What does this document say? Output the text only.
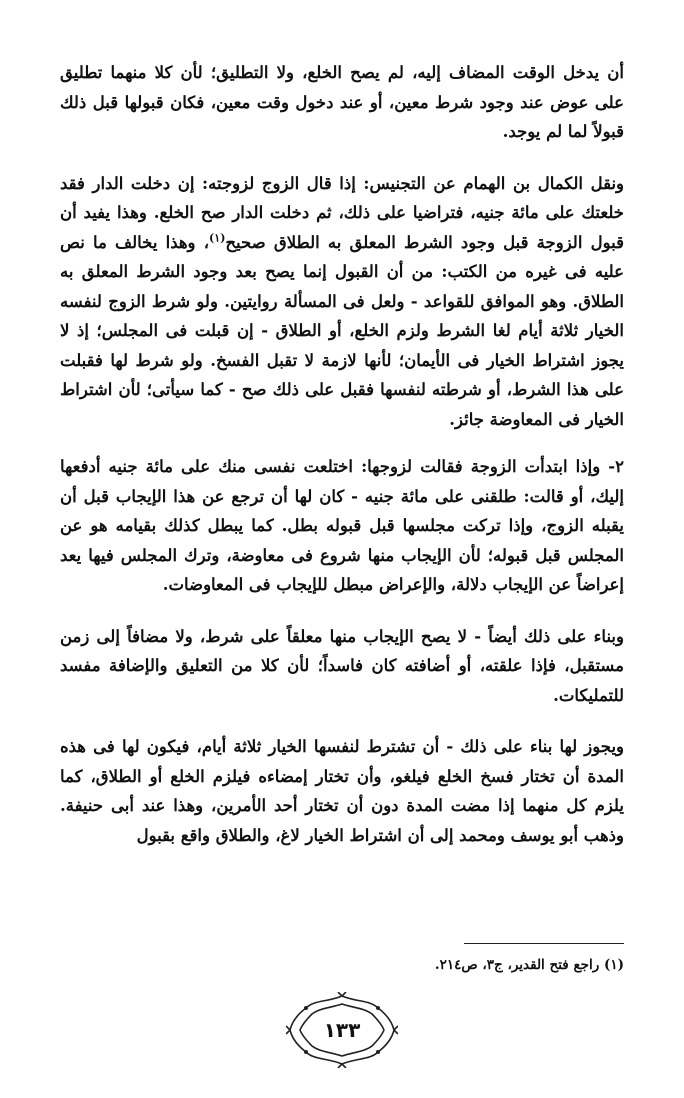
أن يدخل الوقت المضاف إليه، لم يصح الخلع، ولا التطليق؛ لأن كلا منهما تطليق على عوض عند وجود شرط معين، أو عند دخول وقت معين، فكان قبولها قبل ذلك قبولاً لما لم يوجد.

ونقل الكمال بن الهمام عن التجنيس: إذا قال الزوج لزوجته: إن دخلت الدار فقد خلعتك على مائة جنيه، فتراضيا على ذلك، ثم دخلت الدار صح الخلع. وهذا يفيد أن قبول الزوجة قبل وجود الشرط المعلق به الطلاق صحيح$^{(١)}$، وهذا يخالف ما نص عليه فى غيره من الكتب: من أن القبول إنما يصح بعد وجود الشرط المعلق به الطلاق. وهو الموافق للقواعد - ولعل فى المسألة روايتين. ولو شرط الزوج لنفسه الخيار ثلاثة أيام لغا الشرط ولزم الخلع، أو الطلاق - إن قبلت فى المجلس؛ إذ لا يجوز اشتراط الخيار فى الأيمان؛ لأنها لازمة لا تقبل الفسخ. ولو شرط لها فقبلت على هذا الشرط، أو شرطته لنفسها فقبل على ذلك صح - كما سيأتى؛ لأن اشتراط الخيار فى المعاوضة جائز.

٢- وإذا ابتدأت الزوجة فقالت لزوجها: اختلعت نفسى منك على مائة جنيه أدفعها إليك، أو قالت: طلقنى على مائة جنيه - كان لها أن ترجع عن هذا الإيجاب قبل أن يقبله الزوج، وإذا تركت مجلسها قبل قبوله بطل. كما يبطل كذلك بقيامه هو عن المجلس قبل قبوله؛ لأن الإيجاب منها شروع فى معاوضة، وترك المجلس فيها يعد إعراضاً عن الإيجاب دلالة، والإعراض مبطل للإيجاب فى المعاوضات.

وبناء على ذلك أيضاً - لا يصح الإيجاب منها معلقاً على شرط، ولا مضافاً إلى زمن مستقبل، فإذا علقته، أو أضافته كان فاسداً؛ لأن كلا من التعليق والإضافة مفسد للتمليكات.

ويجوز لها بناء على ذلك - أن تشترط لنفسها الخيار ثلاثة أيام، فيكون لها فى هذه المدة أن تختار فسخ الخلع فيلغو، وأن تختار إمضاءه فيلزم الخلع أو الطلاق، كما يلزم كل منهما إذا مضت المدة دون أن تختار أحد الأمرين، وهذا عند أبى حنيفة. وذهب أبو يوسف ومحمد إلى أن اشتراط الخيار لاغ، والطلاق واقع بقبول

(١) راجع فتح القدير، ج٣، ص٢١٤.
١٣٣
